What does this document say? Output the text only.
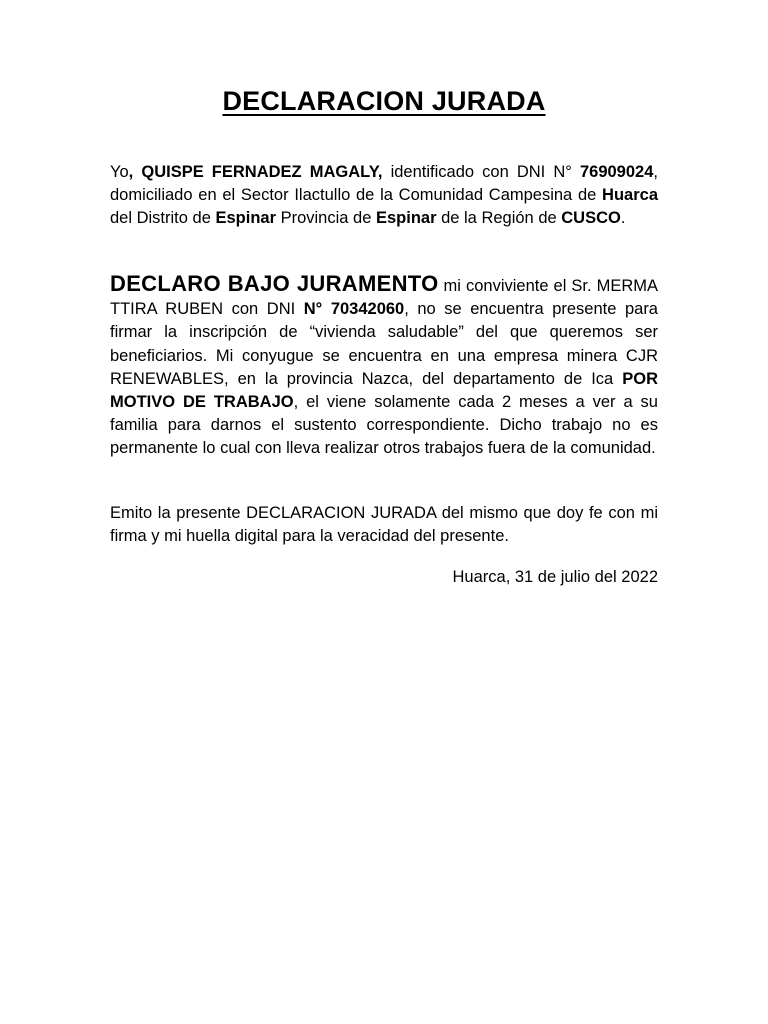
DECLARACION JURADA
Yo, QUISPE FERNADEZ MAGALY, identificado con DNI N° 76909024, domiciliado en el Sector Ilactullo de la Comunidad Campesina de Huarca del Distrito de Espinar Provincia de Espinar de la Región de CUSCO.
DECLARO BAJO JURAMENTO mi conviviente el Sr. MERMA TTIRA RUBEN con DNI N° 70342060, no se encuentra presente para firmar la inscripción de “vivienda saludable” del que queremos ser beneficiarios. Mi conyugue se encuentra en una empresa minera CJR RENEWABLES, en la provincia Nazca, del departamento de Ica POR MOTIVO DE TRABAJO, el viene solamente cada 2 meses a ver a su familia para darnos el sustento correspondiente. Dicho trabajo no es permanente lo cual con lleva realizar otros trabajos fuera de la comunidad.
Emito la presente DECLARACION JURADA del mismo que doy fe con mi firma y mi huella digital para la veracidad del presente.
Huarca, 31 de julio del 2022
